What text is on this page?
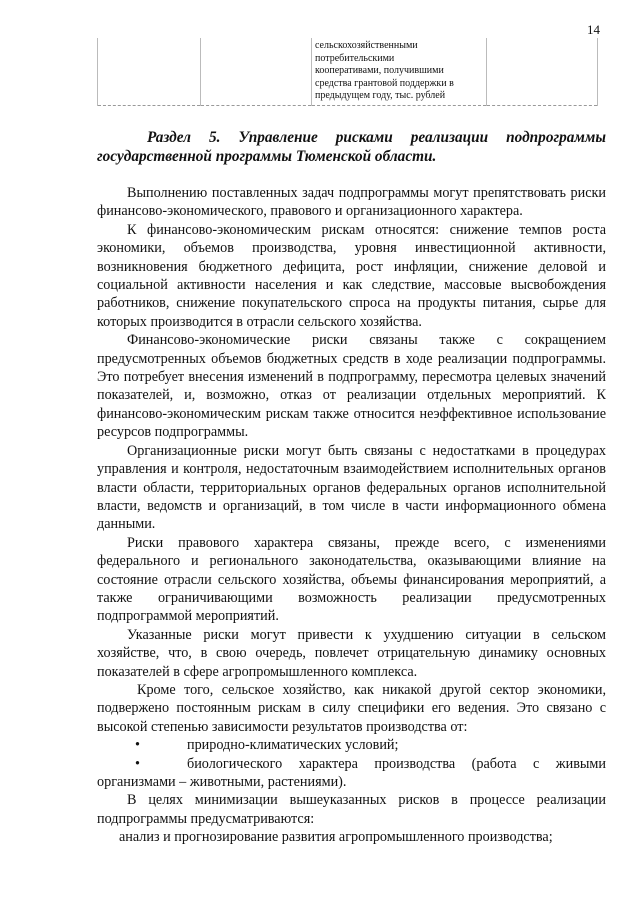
14

сельскохозяйственными
потребительскими
кооперативами, получившими
средства грантовой поддержки в
предыдущем году, тыс. рублей

Раздел 5. Управление рисками реализации подпрограммы
государственной программы Тюменской области.

Выполнению поставленных задач подпрограммы могут препятствовать риски финансово-экономического, правового и организационного характера.

К финансово-экономическим рискам относятся: снижение темпов роста экономики, объемов производства, уровня инвестиционной активности, возникновения бюджетного дефицита, рост инфляции, снижение деловой и социальной активности населения и как следствие, массовые высвобождения работников, снижение покупательского спроса на продукты питания, сырье для которых производится в отрасли сельского хозяйства.

Финансово-экономические риски связаны также с сокращением предусмотренных объемов бюджетных средств в ходе реализации подпрограммы. Это потребует внесения изменений в подпрограмму, пересмотра целевых значений показателей, и, возможно, отказ от реализации отдельных мероприятий. К финансово-экономическим рискам также относится неэффективное использование ресурсов подпрограммы.

Организационные риски могут быть связаны с недостатками в процедурах управления и контроля, недостаточным взаимодействием исполнительных органов власти области, территориальных органов федеральных органов исполнительной власти, ведомств и организаций, в том числе в части информационного обмена данными.

Риски правового характера связаны, прежде всего, с изменениями федерального и регионального законодательства, оказывающими влияние на состояние отрасли сельского хозяйства, объемы финансирования мероприятий, а также ограничивающими возможность реализации предусмотренных подпрограммой мероприятий.

Указанные риски могут привести к ухудшению ситуации в сельском хозяйстве, что, в свою очередь, повлечет отрицательную динамику основных показателей в сфере агропромышленного комплекса.

Кроме того, сельское хозяйство, как никакой другой сектор экономики, подвержено постоянным рискам в силу специфики его ведения. Это связано с высокой степенью зависимости результатов производства от:

•	природно-климатических условий;
•	биологического характера производства (работа с живыми организмами – животными, растениями).

В целях минимизации вышеуказанных рисков в процессе реализации подпрограммы предусматриваются:

анализ и прогнозирование развития агропромышленного производства;
